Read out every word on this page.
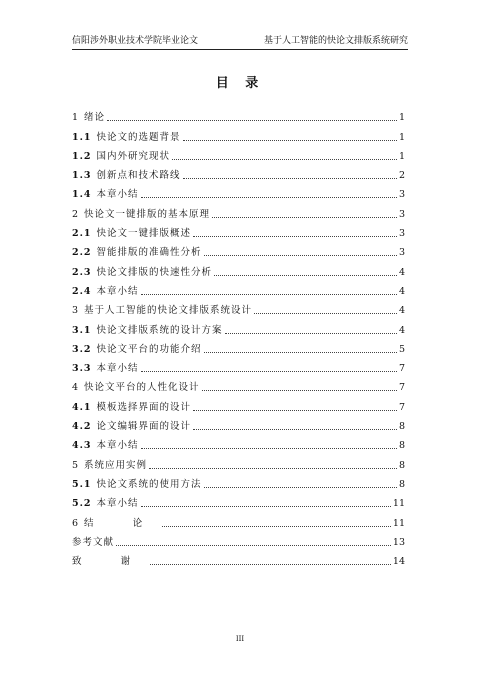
信阳涉外职业技术学院毕业论文	基于人工智能的快论文排版系统研究
目 录
1 绪论	1
1.1 快论文的选题背景	1
1.2 国内外研究现状	1
1.3 创新点和技术路线	2
1.4 本章小结	3
2 快论文一键排版的基本原理	3
2.1 快论文一键排版概述	3
2.2 智能排版的准确性分析	3
2.3 快论文排版的快速性分析	4
2.4 本章小结	4
3 基于人工智能的快论文排版系统设计	4
3.1 快论文排版系统的设计方案	4
3.2 快论文平台的功能介绍	5
3.3 本章小结	7
4 快论文平台的人性化设计	7
4.1 模板选择界面的设计	7
4.2 论文编辑界面的设计	8
4.3 本章小结	8
5 系统应用实例	8
5.1 快论文系统的使用方法	8
5.2 本章小结	11
6 结 论	11
参考文献	13
致 谢	14
III
